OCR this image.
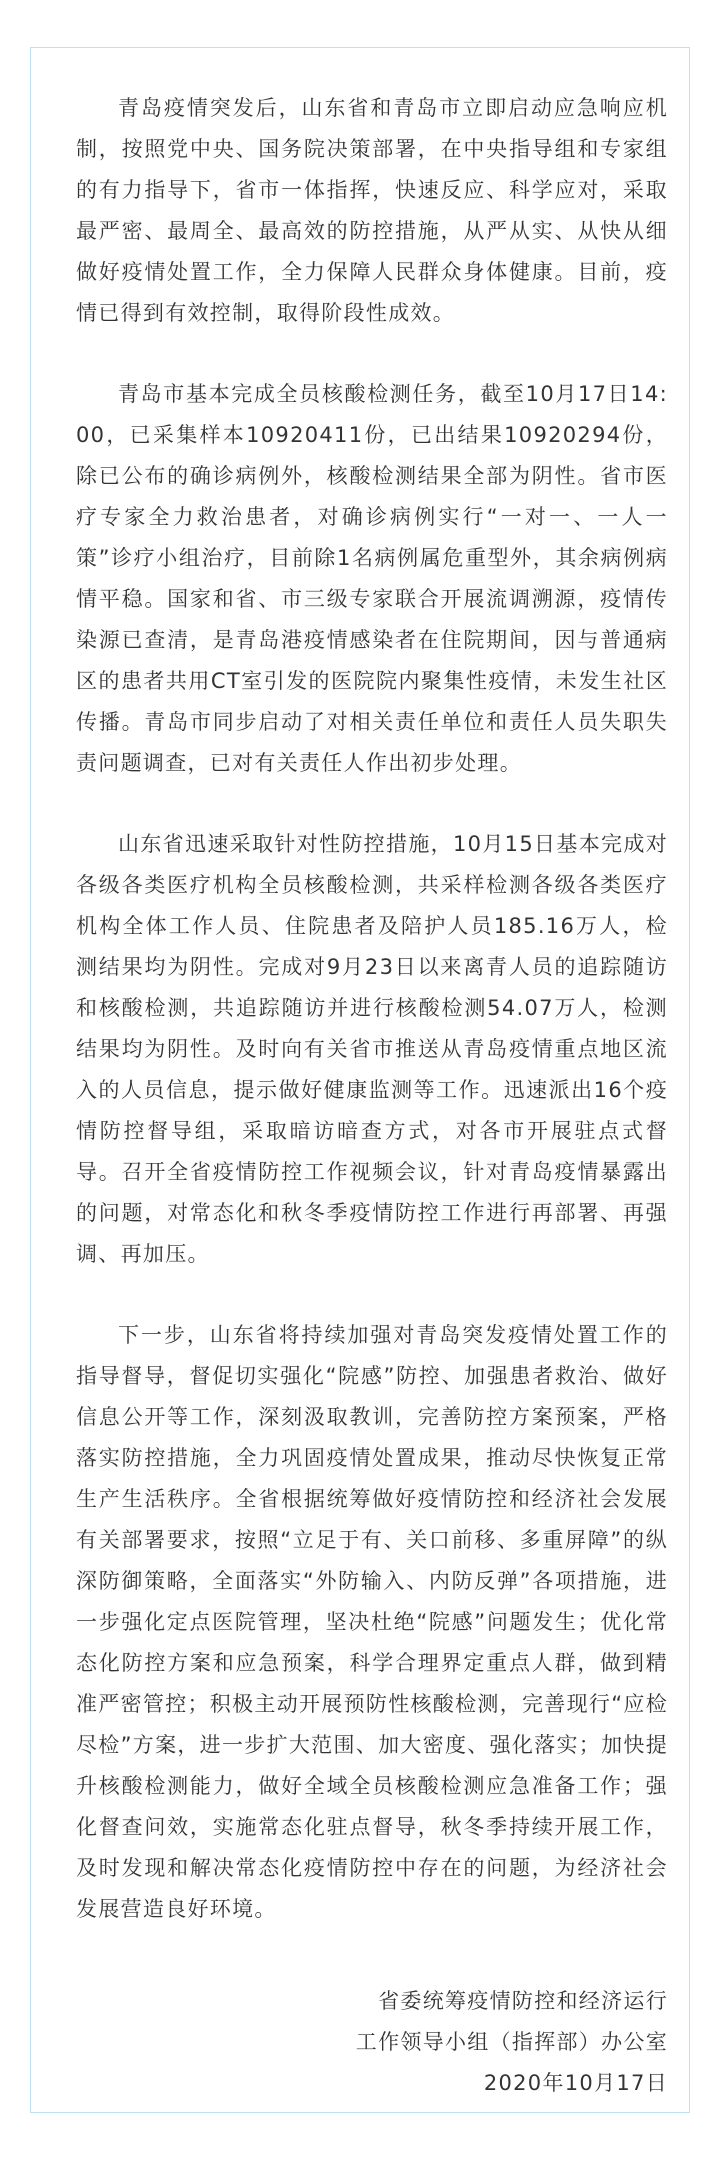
青岛疫情突发后，山东省和青岛市立即启动应急响应机制，按照党中央、国务院决策部署，在中央指导组和专家组的有力指导下，省市一体指挥，快速反应、科学应对，采取最严密、最周全、最高效的防控措施，从严从实、从快从细做好疫情处置工作，全力保障人民群众身体健康。目前，疫情已得到有效控制，取得阶段性成效。

青岛市基本完成全员核酸检测任务，截至10月17日14:00，已采集样本10920411份，已出结果10920294份，除已公布的确诊病例外，核酸检测结果全部为阴性。省市医疗专家全力救治患者，对确诊病例实行“一对一、一人一策”诊疗小组治疗，目前除1名病例属危重型外，其余病例病情平稳。国家和省、市三级专家联合开展流调溯源，疫情传染源已查清，是青岛港疫情感染者在住院期间，因与普通病区的患者共用CT室引发的医院院内聚集性疫情，未发生社区传播。青岛市同步启动了对相关责任单位和责任人员失职失责问题调查，已对有关责任人作出初步处理。

山东省迅速采取针对性防控措施，10月15日基本完成对各级各类医疗机构全员核酸检测，共采样检测各级各类医疗机构全体工作人员、住院患者及陪护人员185.16万人，检测结果均为阴性。完成对9月23日以来离青人员的追踪随访和核酸检测，共追踪随访并进行核酸检测54.07万人，检测结果均为阴性。及时向有关省市推送从青岛疫情重点地区流入的人员信息，提示做好健康监测等工作。迅速派出16个疫情防控督导组，采取暗访暗查方式，对各市开展驻点式督导。召开全省疫情防控工作视频会议，针对青岛疫情暴露出的问题，对常态化和秋冬季疫情防控工作进行再部署、再强调、再加压。

下一步，山东省将持续加强对青岛突发疫情处置工作的指导督导，督促切实强化“院感”防控、加强患者救治、做好信息公开等工作，深刻汲取教训，完善防控方案预案，严格落实防控措施，全力巩固疫情处置成果，推动尽快恢复正常生产生活秩序。全省根据统筹做好疫情防控和经济社会发展有关部署要求，按照“立足于有、关口前移、多重屏障”的纵深防御策略，全面落实“外防输入、内防反弹”各项措施，进一步强化定点医院管理，坚决杜绝“院感”问题发生；优化常态化防控方案和应急预案，科学合理界定重点人群，做到精准严密管控；积极主动开展预防性核酸检测，完善现行“应检尽检”方案，进一步扩大范围、加大密度、强化落实；加快提升核酸检测能力，做好全域全员核酸检测应急准备工作；强化督查问效，实施常态化驻点督导，秋冬季持续开展工作，及时发现和解决常态化疫情防控中存在的问题，为经济社会发展营造良好环境。

省委统筹疫情防控和经济运行
工作领导小组（指挥部）办公室
2020年10月17日
